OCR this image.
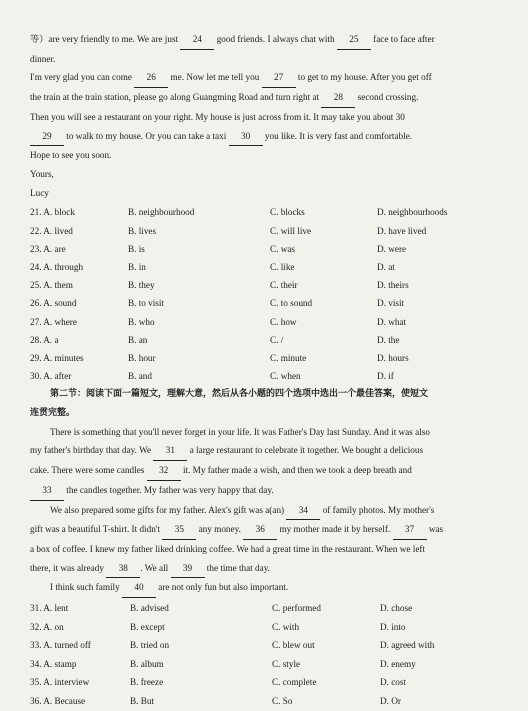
等）are very friendly to me. We are just 24 good friends. I always chat with 25 face to face after
dinner.
I'm very glad you can come 26 me. Now let me tell you 27 to get to my house. After you get off
the train at the train station, please go along Guangming Road and turn right at 28 second crossing.
Then you will see a restaurant on your right. My house is just across from it. It may take you about 30
29 to walk to my house. Or you can take a taxi 30 you like. It is very fast and comfortable.
Hope to see you soon.
Yours,
Lucy
21. A. block	B. neighbourhood	C. blocks	D. neighbourhoods
22. A. lived	B. lives	C. will live	D. have lived
23. A. are	B. is	C. was	D. were
24. A. through	B. in	C. like	D. at
25. A. them	B. they	C. their	D. theirs
26. A. sound	B. to visit	C. to sound	D. visit
27. A. where	B. who	C. how	D. what
28. A. a	B. an	C. /	D. the
29. A. minutes	B. hour	C. minute	D. hours
30. A. after	B. and	C. when	D. if
第二节：阅读下面一篇短文，理解大意，然后从各小题的四个选项中选出一个最佳答案，使短文
连贯完整。
There is something that you'll never forget in your life. It was Father's Day last Sunday. And it was also
my father's birthday that day. We 31 a large restaurant to celebrate it together. We bought a delicious
cake. There were some candles 32 it. My father made a wish, and then we took a deep breath and
33 the candles together. My father was very happy that day.
We also prepared some gifts for my father. Alex's gift was a(an) 34 of family photos. My mother's
gift was a beautiful T-shirt. It didn't 35 any money. 36 my mother made it by herself. 37 was
a box of coffee. I knew my father liked drinking coffee. We had a great time in the restaurant. When we left
there, it was already 38 . We all 39 the time that day.
I think such family 40 are not only fun but also important.
31. A. lent	B. advised	C. performed	D. chose
32. A. on	B. except	C. with	D. into
33. A. turned off	B. tried on	C. blew out	D. agreed with
34. A. stamp	B. album	C. style	D. enemy
35. A. interview	B. freeze	C. complete	D. cost
36. A. Because	B. But	C. So	D. Or
